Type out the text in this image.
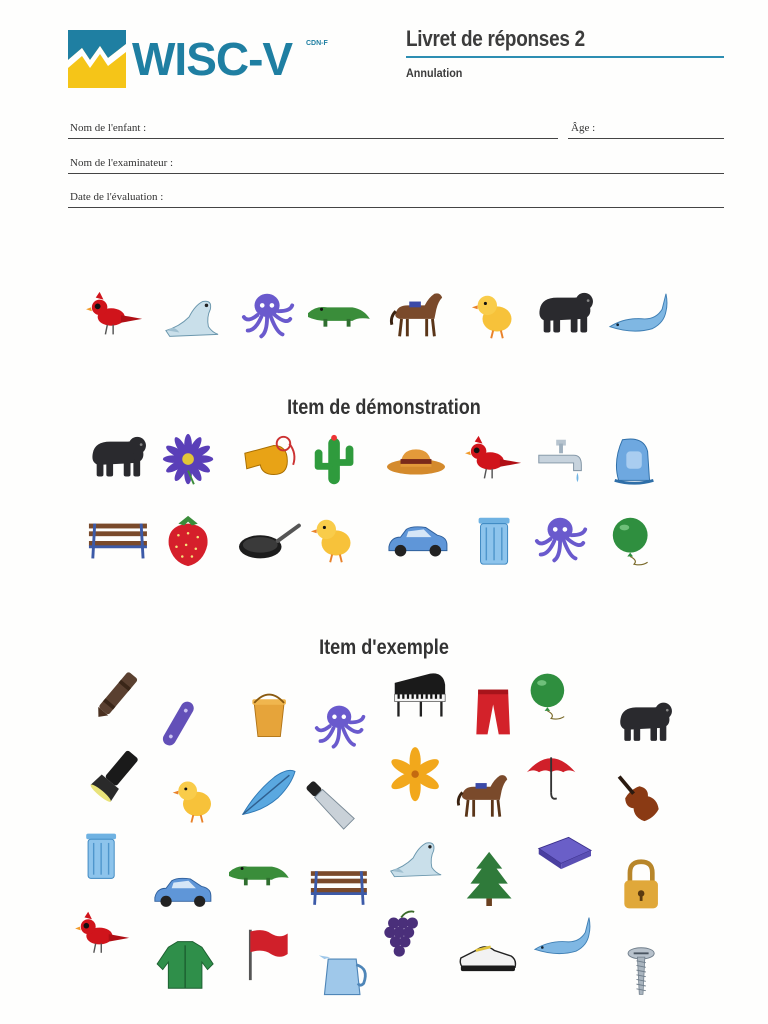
WISC-V CDN-F	Livret de réponses 2
Annulation
Nom de l'enfant :	Âge :
Nom de l'examinateur :
Date de l'évaluation :
Item de démonstration
Item d'exemple
